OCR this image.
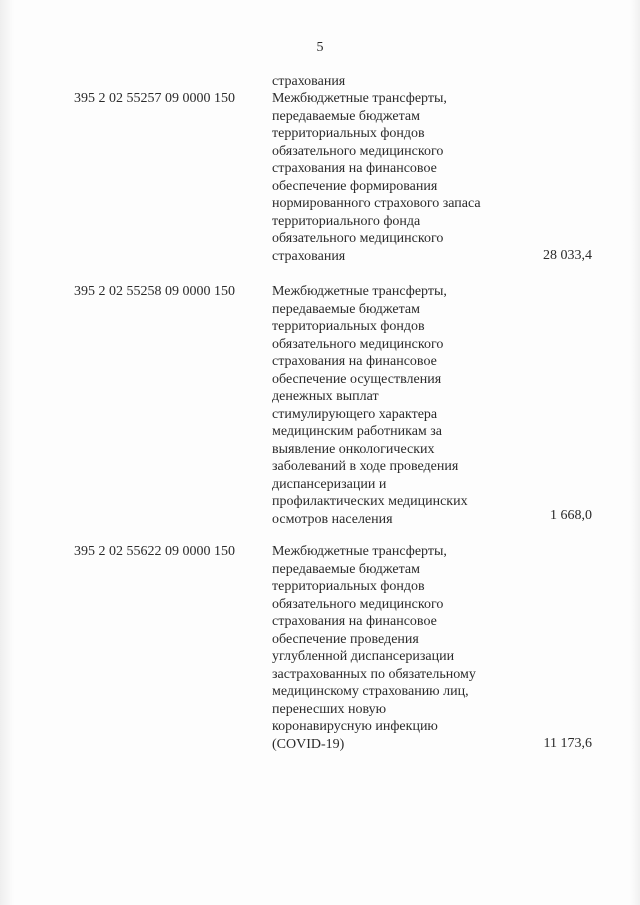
5
страхования
395 2 02 55257 09 0000 150	Межбюджетные трансферты,
передаваемые бюджетам
территориальных фондов
обязательного медицинского
страхования на финансовое
обеспечение формирования
нормированного страхового запаса
территориального фонда
обязательного медицинского
страхования	28 033,4
395 2 02 55258 09 0000 150	Межбюджетные трансферты,
передаваемые бюджетам
территориальных фондов
обязательного медицинского
страхования на финансовое
обеспечение осуществления
денежных выплат
стимулирующего характера
медицинским работникам за
выявление онкологических
заболеваний в ходе проведения
диспансеризации и
профилактических медицинских
осмотров населения	1 668,0
395 2 02 55622 09 0000 150	Межбюджетные трансферты,
передаваемые бюджетам
территориальных фондов
обязательного медицинского
страхования на финансовое
обеспечение проведения
углубленной диспансеризации
застрахованных по обязательному
медицинскому страхованию лиц,
перенесших новую
коронавирусную инфекцию
(COVID-19)	11 173,6
